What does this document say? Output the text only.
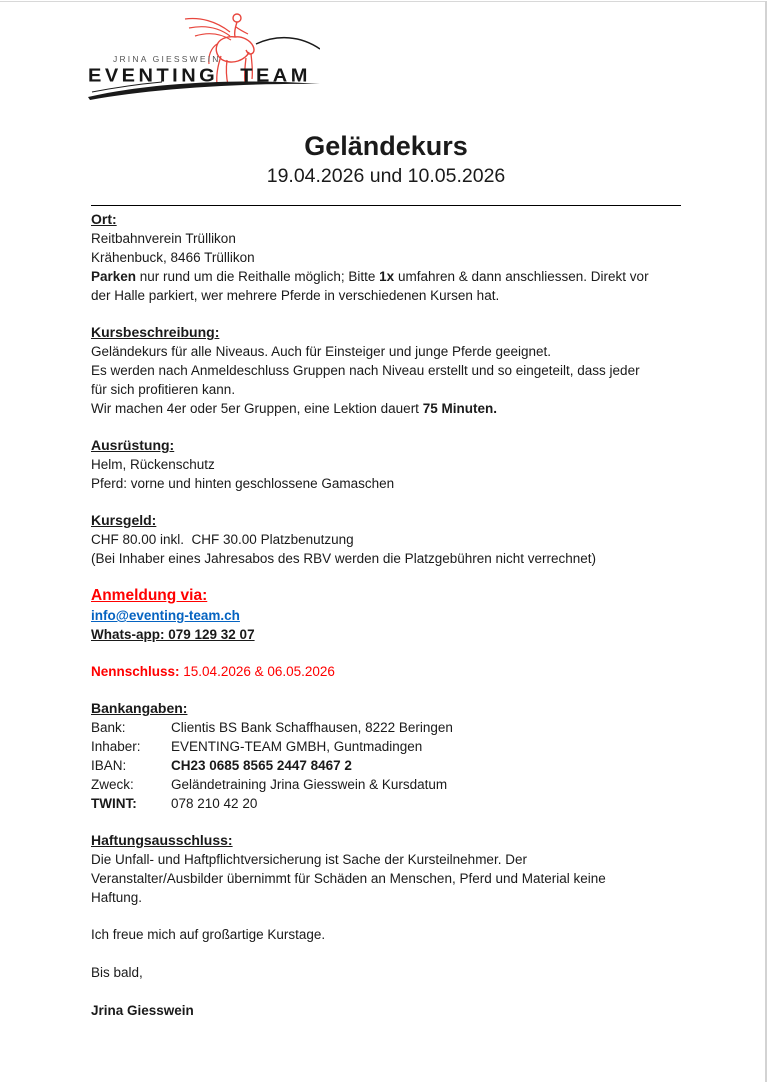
JRINA GIESSWEIN
EVENTING TEAM
Geländekurs
19.04.2026 und 10.05.2026
Ort:
Reitbahnverein Trüllikon
Krähenbuck, 8466 Trüllikon
Parken nur rund um die Reithalle möglich; Bitte 1x umfahren & dann anschliessen. Direkt vor
der Halle parkiert, wer mehrere Pferde in verschiedenen Kursen hat.
Kursbeschreibung:
Geländekurs für alle Niveaus. Auch für Einsteiger und junge Pferde geeignet.
Es werden nach Anmeldeschluss Gruppen nach Niveau erstellt und so eingeteilt, dass jeder
für sich profitieren kann.
Wir machen 4er oder 5er Gruppen, eine Lektion dauert 75 Minuten.
Ausrüstung:
Helm, Rückenschutz
Pferd: vorne und hinten geschlossene Gamaschen
Kursgeld:
CHF 80.00 inkl.  CHF 30.00 Platzbenutzung
(Bei Inhaber eines Jahresabos des RBV werden die Platzgebühren nicht verrechnet)
Anmeldung via:
info@eventing-team.ch
Whats-app: 079 129 32 07
Nennschluss: 15.04.2026 & 06.05.2026
Bankangaben:
Bank:	Clientis BS Bank Schaffhausen, 8222 Beringen
Inhaber: EVENTING-TEAM GMBH, Guntmadingen
IBAN:	CH23 0685 8565 2447 8467 2
Zweck:	Geländetraining Jrina Giesswein & Kursdatum
TWINT:	078 210 42 20
Haftungsausschluss:
Die Unfall- und Haftpflichtversicherung ist Sache der Kursteilnehmer. Der
Veranstalter/Ausbilder übernimmt für Schäden an Menschen, Pferd und Material keine
Haftung.
Ich freue mich auf großartige Kurstage.
Bis bald,
Jrina Giesswein
